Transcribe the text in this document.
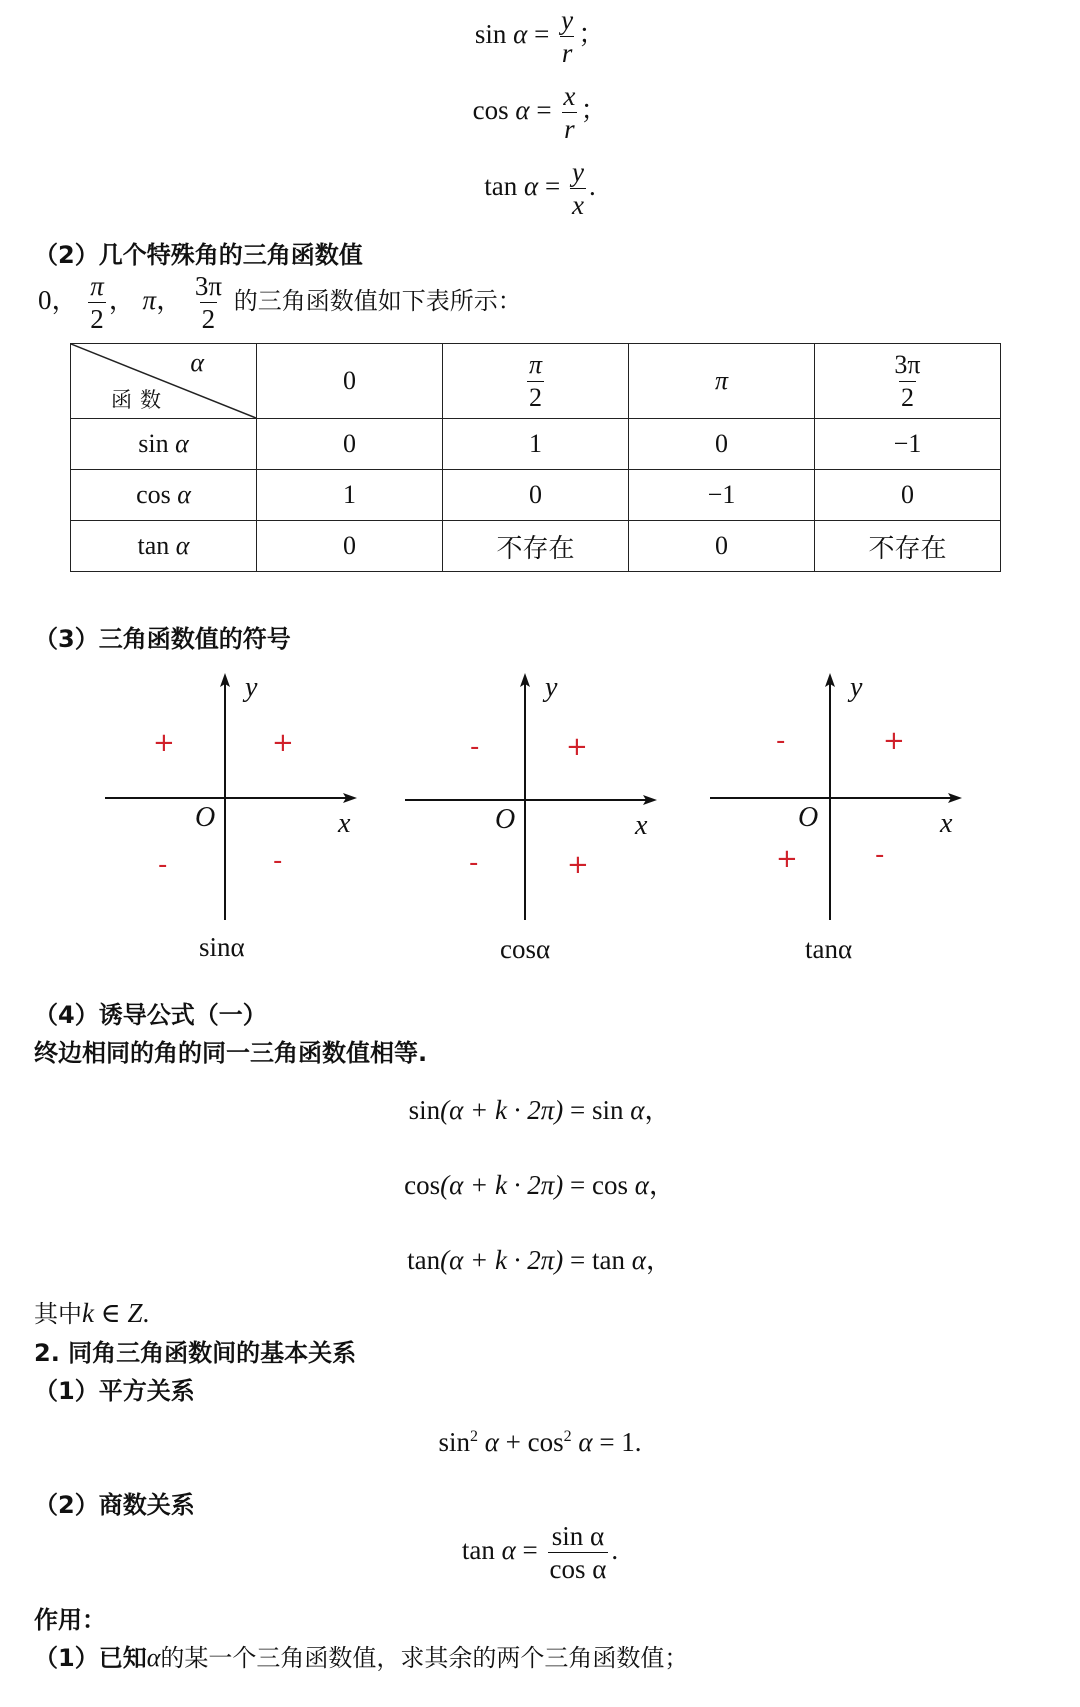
$\sin \alpha = \frac{y}{r}$ ；
$\cos \alpha = \frac{x}{r}$ ；
$\tan \alpha = \frac{y}{x}$ .
（2）几个特殊角的三角函数值
0， $\frac{\pi}{2}$ ， π， $\frac{3\pi}{2}$ 的三角函数值如下表所示：
α
函数	0	$\frac{\pi}{2}$	π	$\frac{3\pi}{2}$

sin α	0	1	0	−1
cos α	1	0	−1	0
tan α	0	不存在	0	不存在
（3）三角函数值的符号
y
x
O
+
+
-	-
sinα
y
x
O
+
-
-	+
cosα
y
x
O
+
-
+	-
tanα
（4）诱导公式（一）
终边相同的角的同一三角函数值相等.
sin(α + k · 2π) = sin α，
cos(α + k · 2π) = cos α，
tan(α + k · 2π) = tan α，
其中k ∈ Z.
2. 同角三角函数间的基本关系
（1）平方关系
$\sin^2 \alpha + \cos^2 \alpha = 1$.
（2）商数关系
$\tan \alpha = \frac{\text{sin α}}{\text{cos α}}$ .
作用：
（1）已知α的某一个三角函数值，求其余的两个三角函数值；
